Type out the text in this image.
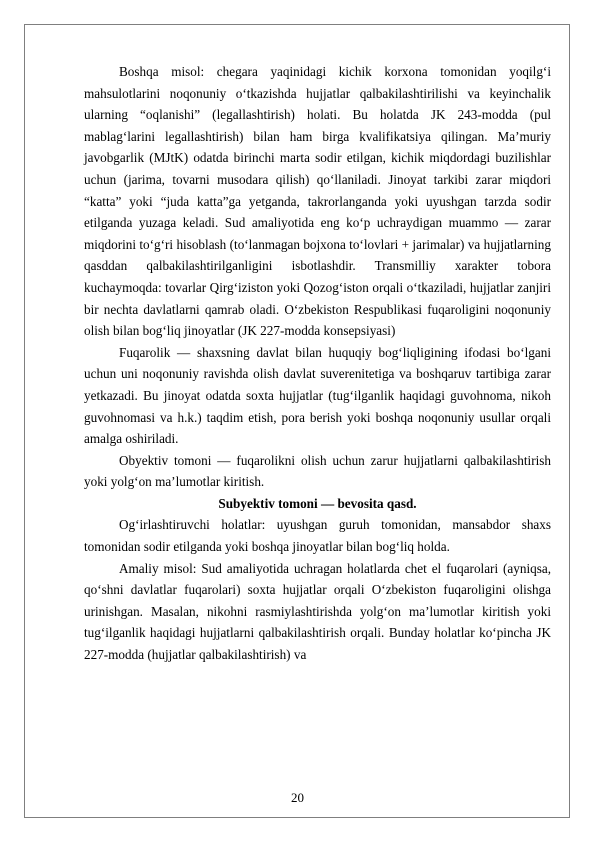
Boshqa misol: chegara yaqinidagi kichik korxona tomonidan yoqilg‘i mahsulotlarini noqonuniy o‘tkazishda hujjatlar qalbakilashtirilishi va keyinchalik ularning “oqlanishi” (legallashtirish) holati. Bu holatda JK 243-modda (pul mablag‘larini legallashtirish) bilan ham birga kvalifikatsiya qilingan. Ma’muriy javobgarlik (MJtK) odatda birinchi marta sodir etilgan, kichik miqdordagi buzilishlar uchun (jarima, tovarni musodara qilish) qo‘llaniladi. Jinoyat tarkibi zarar miqdori “katta” yoki “juda katta”ga yetganda, takrorlanganda yoki uyushgan tarzda sodir etilganda yuzaga keladi. Sud amaliyotida eng ko‘p uchraydigan muammo — zarar miqdorini to‘g‘ri hisoblash (to‘lanmagan bojxona to‘lovlari + jarimalar) va hujjatlarning qasddan qalbakilashtirilganligini isbotlashdir. Transmilliy xarakter tobora kuchaymoqda: tovarlar Qirg‘iziston yoki Qozog‘iston orqali o‘tkaziladi, hujjatlar zanjiri bir nechta davlatlarni qamrab oladi. O‘zbekiston Respublikasi fuqaroligini noqonuniy olish bilan bog‘liq jinoyatlar (JK 227-modda konsepsiyasi)

Fuqarolik — shaxsning davlat bilan huquqiy bog‘liqligining ifodasi bo‘lgani uchun uni noqonuniy ravishda olish davlat suverenitetiga va boshqaruv tartibiga zarar yetkazadi. Bu jinoyat odatda soxta hujjatlar (tug‘ilganlik haqidagi guvohnoma, nikoh guvohnomasi va h.k.) taqdim etish, pora berish yoki boshqa noqonuniy usullar orqali amalga oshiriladi.

Obyektiv tomoni — fuqarolikni olish uchun zarur hujjatlarni qalbakilashtirish yoki yolg‘on ma’lumotlar kiritish.

Subyektiv tomoni — bevosita qasd.

Og‘irlashtiruvchi holatlar: uyushgan guruh tomonidan, mansabdor shaxs tomonidan sodir etilganda yoki boshqa jinoyatlar bilan bog‘liq holda.

Amaliy misol: Sud amaliyotida uchragan holatlarda chet el fuqarolari (ayniqsa, qo‘shni davlatlar fuqarolari) soxta hujjatlar orqali O‘zbekiston fuqaroligini olishga urinishgan. Masalan, nikohni rasmiylashtirishda yolg‘on ma’lumotlar kiritish yoki tug‘ilganlik haqidagi hujjatlarni qalbakilashtirish orqali. Bunday holatlar ko‘pincha JK 227-modda (hujjatlar qalbakilashtirish) va

20
